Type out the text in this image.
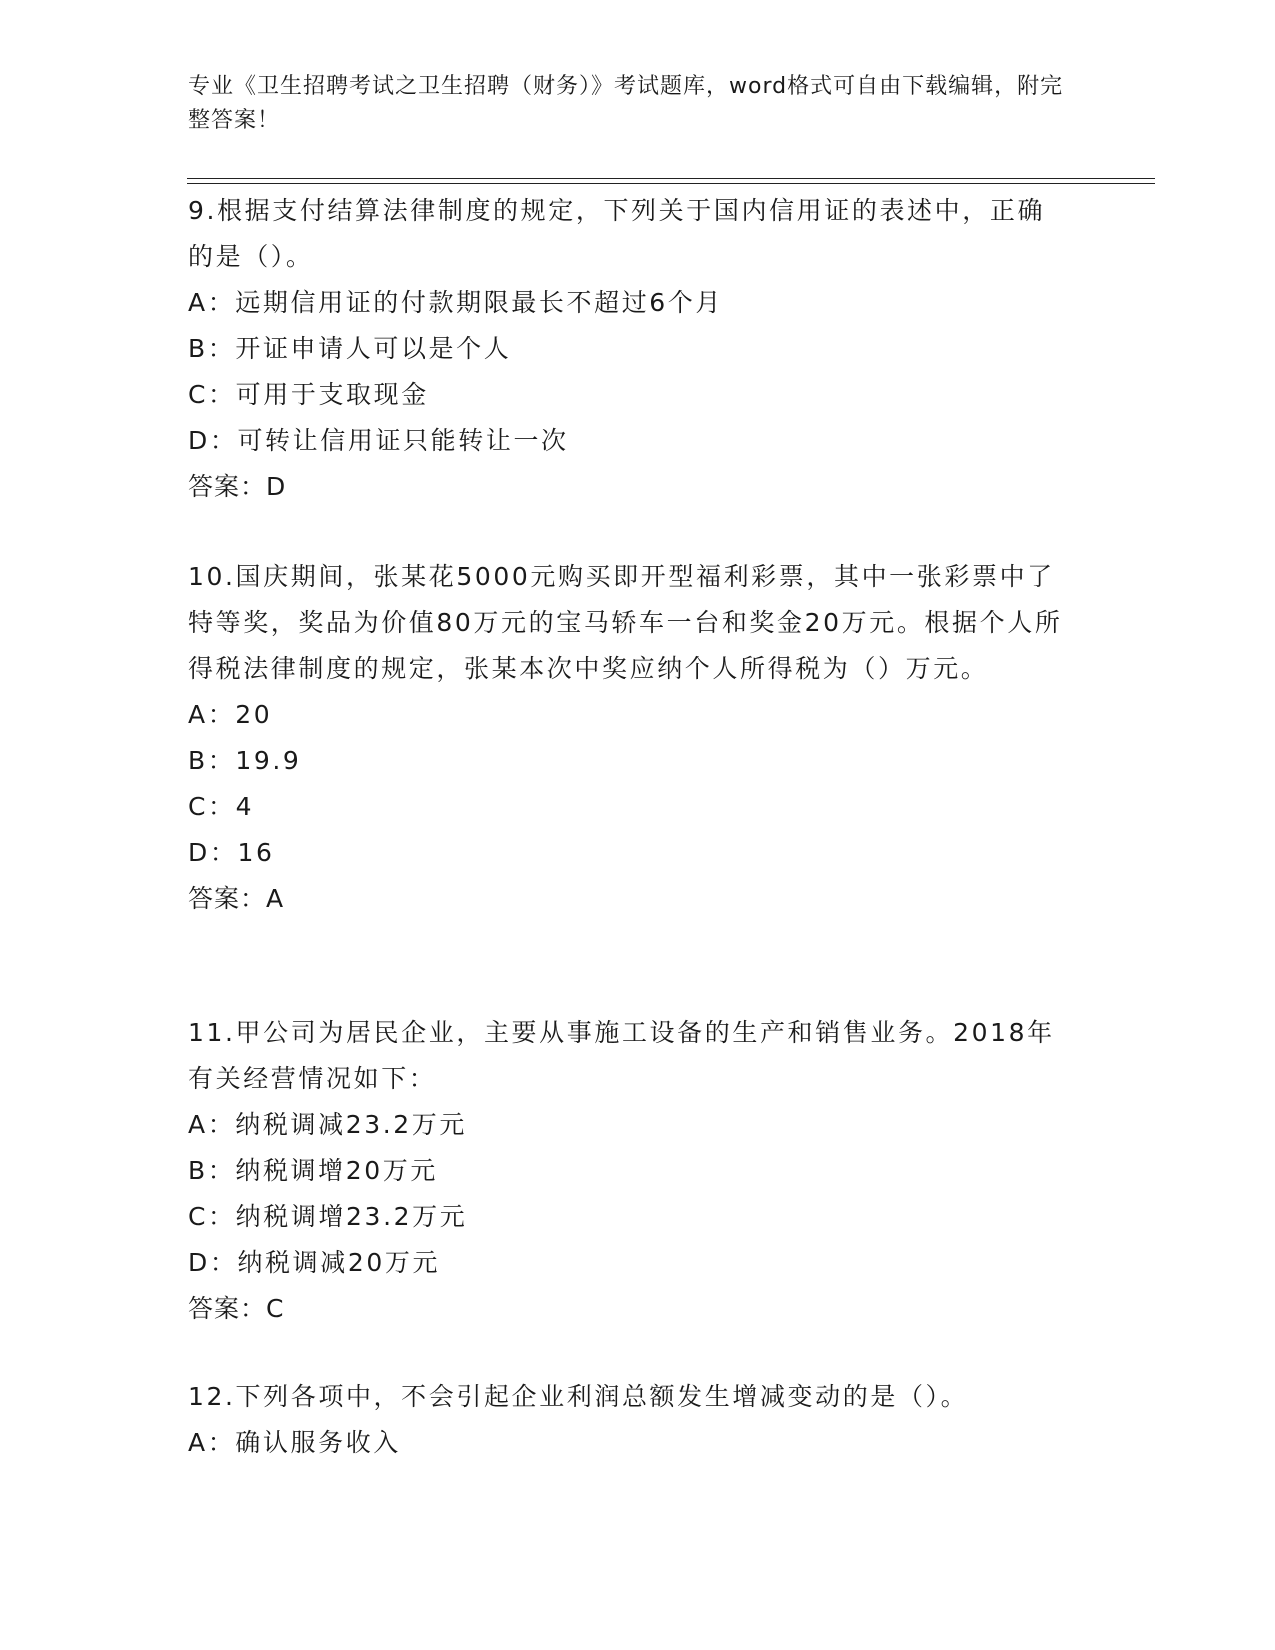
专业《卫生招聘考试之卫生招聘（财务）》考试题库，word格式可自由下载编辑，附完整答案！

9.根据支付结算法律制度的规定，下列关于国内信用证的表述中，正确的是（）。

A：远期信用证的付款期限最长不超过6个月

B：开证申请人可以是个人

C：可用于支取现金

D：可转让信用证只能转让一次

答案：D

10.国庆期间，张某花5000元购买即开型福利彩票，其中一张彩票中了特等奖，奖品为价值80万元的宝马轿车一台和奖金20万元。根据个人所得税法律制度的规定，张某本次中奖应纳个人所得税为（）万元。

A：20

B：19.9

C：4

D：16

答案：A

11.甲公司为居民企业，主要从事施工设备的生产和销售业务。2018年有关经营情况如下：

A：纳税调减23.2万元

B：纳税调增20万元

C：纳税调增23.2万元

D：纳税调减20万元

答案：C

12.下列各项中，不会引起企业利润总额发生增减变动的是（）。

A：确认服务收入
